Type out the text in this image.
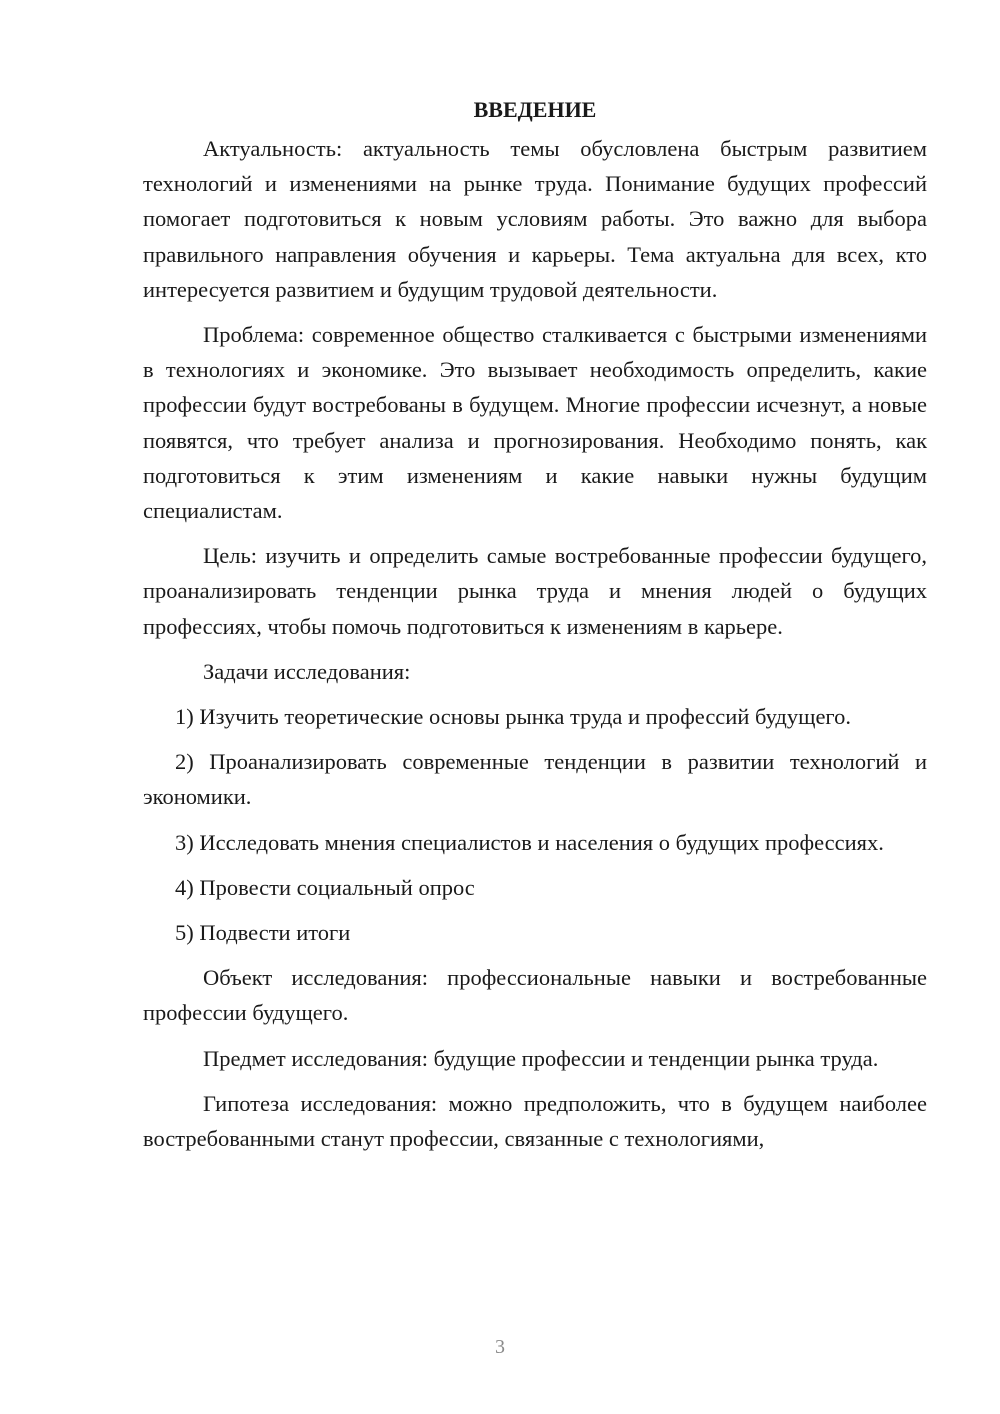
ВВЕДЕНИЕ

Актуальность: актуальность темы обусловлена быстрым развитием технологий и изменениями на рынке труда. Понимание будущих профессий помогает подготовиться к новым условиям работы. Это важно для выбора правильного направления обучения и карьеры. Тема актуальна для всех, кто интересуется развитием и будущим трудовой деятельности.

Проблема: современное общество сталкивается с быстрыми изменениями в технологиях и экономике. Это вызывает необходимость определить, какие профессии будут востребованы в будущем. Многие профессии исчезнут, а новые появятся, что требует анализа и прогнозирования. Необходимо понять, как подготовиться к этим изменениям и какие навыки нужны будущим специалистам.

Цель: изучить и определить самые востребованные профессии будущего, проанализировать тенденции рынка труда и мнения людей о будущих профессиях, чтобы помочь подготовиться к изменениям в карьере.

Задачи исследования:

1) Изучить теоретические основы рынка труда и профессий будущего.

2) Проанализировать современные тенденции в развитии технологий и экономики.

3) Исследовать мнения специалистов и населения о будущих профессиях.

4) Провести социальный опрос

5) Подвести итоги

Объект исследования: профессиональные навыки и востребованные профессии будущего.

Предмет исследования: будущие профессии и тенденции рынка труда.

Гипотеза исследования: можно предположить, что в будущем наиболее востребованными станут профессии, связанные с технологиями,

3
